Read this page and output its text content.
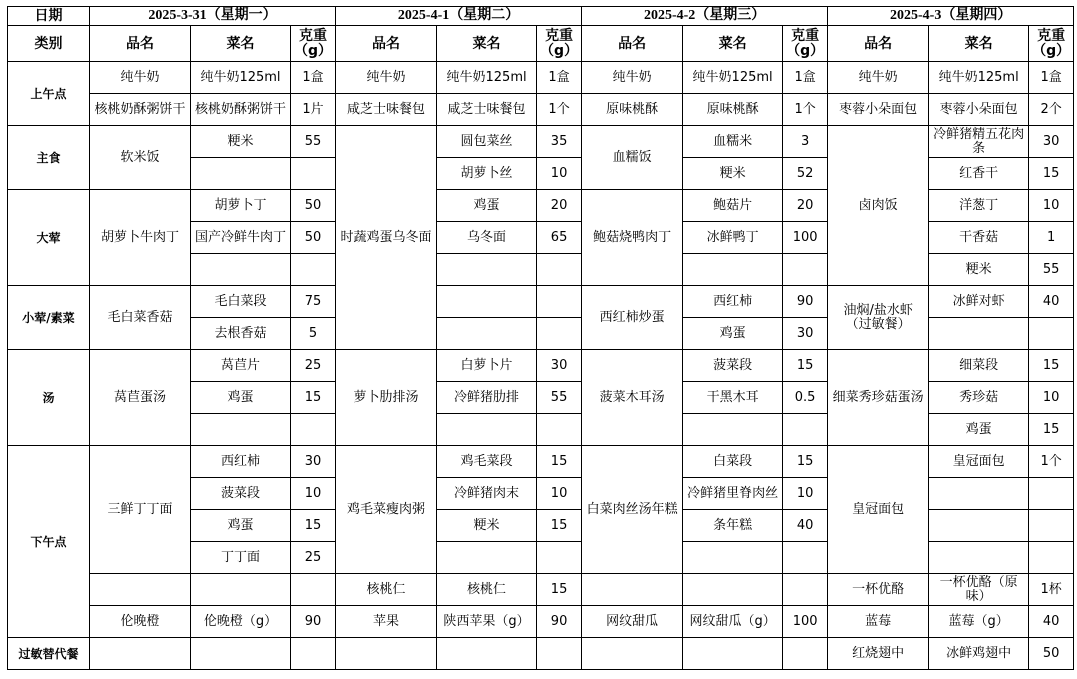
日期	2025-3-31（星期一）			2025-4-1（星期二）			2025-4-2（星期三）			2025-4-3（星期四）		
类别	品名	菜名	克重（g）	品名	菜名	克重（g）	品名	菜名	克重（g）	品名	菜名	克重（g）
上午点	纯牛奶	纯牛奶125ml	1盒	纯牛奶	纯牛奶125ml	1盒	纯牛奶	纯牛奶125ml	1盒	纯牛奶	纯牛奶125ml	1盒
	核桃奶酥粥饼干	核桃奶酥粥饼干	1片	咸芝士味餐包	咸芝士味餐包	1个	原味桃酥	原味桃酥	1个	枣蓉小朵面包	枣蓉小朵面包	2个
主食	软米饭	粳米	55	时蔬鸡蛋乌冬面	圆包菜丝	35	血糯饭	血糯米	3	卤肉饭	冷鲜猪精五花肉条	30
					胡萝卜丝	10		粳米	52		红香干	15
大荤	胡萝卜牛肉丁	胡萝卜丁	50		鸡蛋	20	鲍菇烧鸭肉丁	鲍菇片	20		洋葱丁	10
		国产冷鲜牛肉丁	50		乌冬面	65		冰鲜鸭丁	100		干香菇	1
											粳米	55
小荤/素菜	毛白菜香菇	毛白菜段	75				西红柿炒蛋	西红柿	90	油焖/盐水虾（过敏餐）	冰鲜对虾	40
		去根香菇	5					鸡蛋	30			
汤	莴苣蛋汤	莴苣片	25	萝卜肋排汤	白萝卜片	30	菠菜木耳汤	菠菜段	15	细菜秀珍菇蛋汤	细菜段	15
		鸡蛋	15		冷鲜猪肋排	55		干黑木耳	0.5		秀珍菇	10
											鸡蛋	15
下午点	三鲜丁丁面	西红柿	30	鸡毛菜瘦肉粥	鸡毛菜段	15	白菜肉丝汤年糕	白菜段	15	皇冠面包	皇冠面包	1个
		菠菜段	10		冷鲜猪肉末	10		冷鲜猪里脊肉丝	10			
		鸡蛋	15		粳米	15		条年糕	40			
		丁丁面	25									
				核桃仁	核桃仁	15				一杯优酪	一杯优酪（原味）	1杯
	伦晚橙	伦晚橙（g）	90	苹果	陕西苹果（g）	90	网纹甜瓜	网纹甜瓜（g）	100	蓝莓	蓝莓（g）	40
过敏替代餐										红烧翅中	冰鲜鸡翅中	50
